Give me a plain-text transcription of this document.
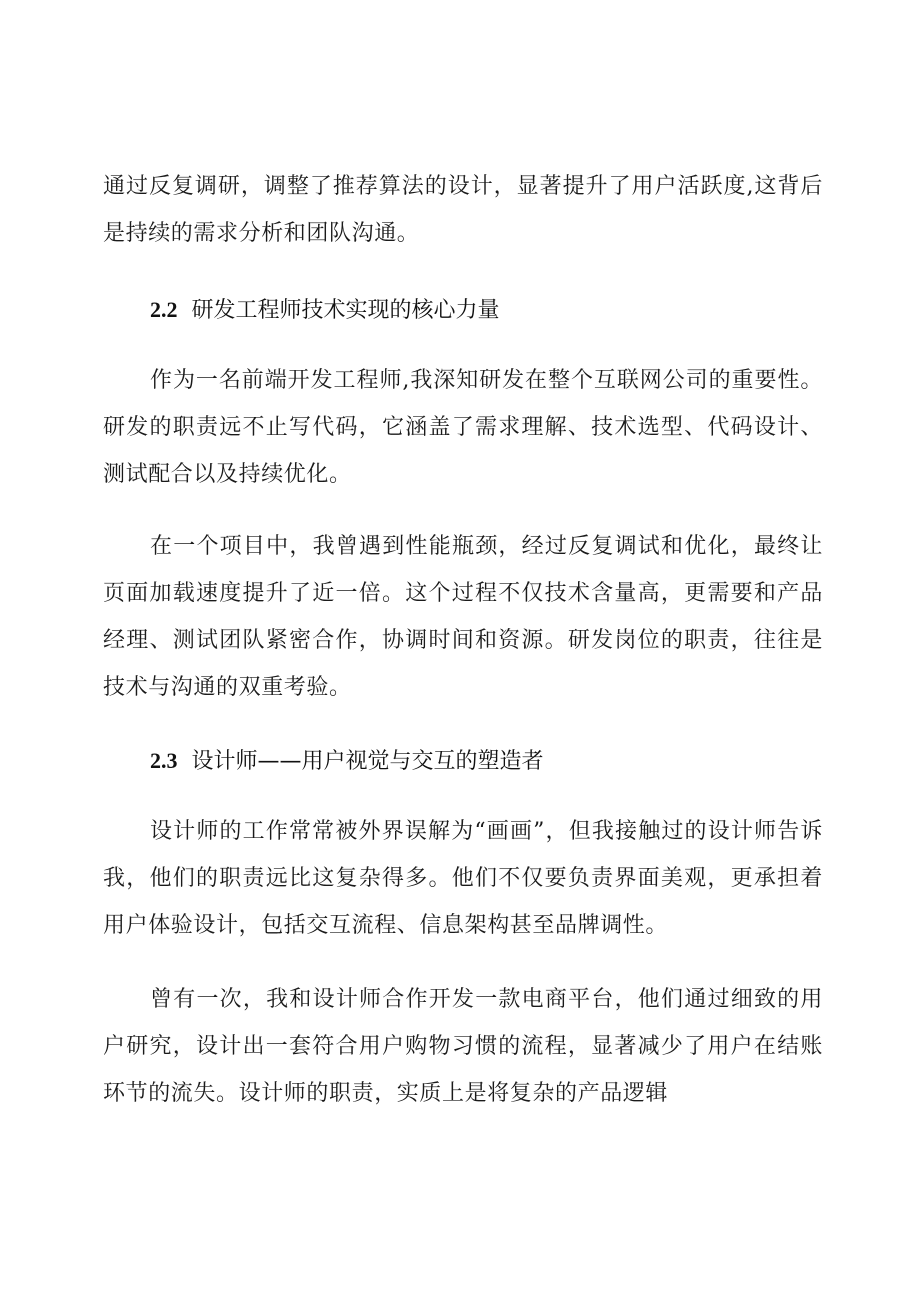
通过反复调研，调整了推荐算法的设计，显著提升了用户活跃度,这背后是持续的需求分析和团队沟通。

2.2 研发工程师技术实现的核心力量

作为一名前端开发工程师,我深知研发在整个互联网公司的重要性。研发的职责远不止写代码，它涵盖了需求理解、技术选型、代码设计、测试配合以及持续优化。

在一个项目中，我曾遇到性能瓶颈，经过反复调试和优化，最终让页面加载速度提升了近一倍。这个过程不仅技术含量高，更需要和产品经理、测试团队紧密合作，协调时间和资源。研发岗位的职责，往往是技术与沟通的双重考验。

2.3 设计师——用户视觉与交互的塑造者

设计师的工作常常被外界误解为“画画”，但我接触过的设计师告诉我，他们的职责远比这复杂得多。他们不仅要负责界面美观，更承担着用户体验设计，包括交互流程、信息架构甚至品牌调性。

曾有一次，我和设计师合作开发一款电商平台，他们通过细致的用户研究，设计出一套符合用户购物习惯的流程，显著减少了用户在结账环节的流失。设计师的职责，实质上是将复杂的产品逻辑
